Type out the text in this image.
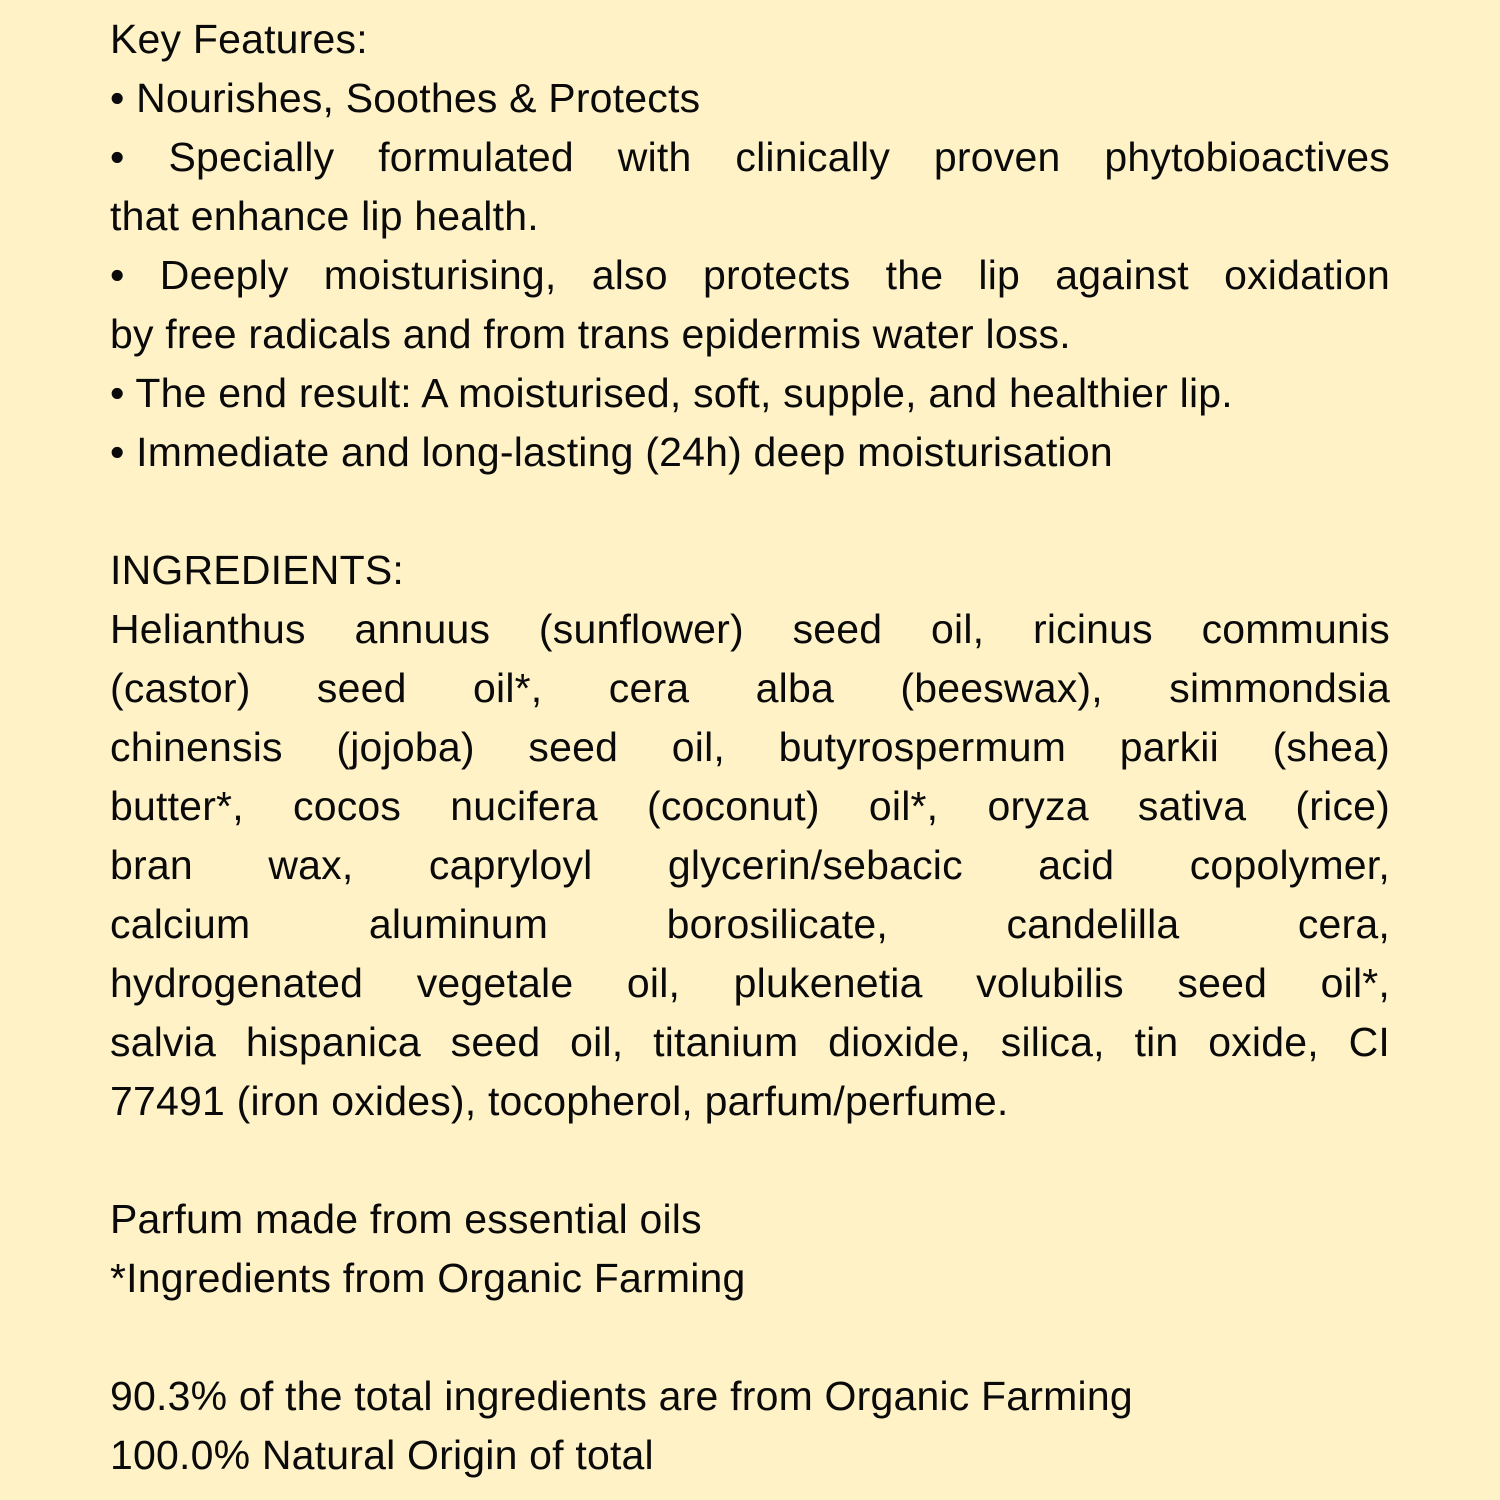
Key Features:
• Nourishes, Soothes & Protects
• Specially formulated with clinically proven phytobioactives
that enhance lip health.
• Deeply moisturising, also protects the lip against oxidation
by free radicals and from trans epidermis water loss.
• The end result: A moisturised, soft, supple, and healthier lip.
• Immediate and long-lasting (24h) deep moisturisation
INGREDIENTS:
Helianthus annuus (sunflower) seed oil, ricinus communis
(castor) seed oil*, cera alba (beeswax), simmondsia
chinensis (jojoba) seed oil, butyrospermum parkii (shea)
butter*, cocos nucifera (coconut) oil*, oryza sativa (rice)
bran wax, capryloyl glycerin/sebacic acid copolymer,
calcium aluminum borosilicate, candelilla cera,
hydrogenated vegetale oil, plukenetia volubilis seed oil*,
salvia hispanica seed oil, titanium dioxide, silica, tin oxide, CI
77491 (iron oxides), tocopherol, parfum/perfume.
Parfum made from essential oils
*Ingredients from Organic Farming
90.3% of the total ingredients are from Organic Farming
100.0% Natural Origin of total
